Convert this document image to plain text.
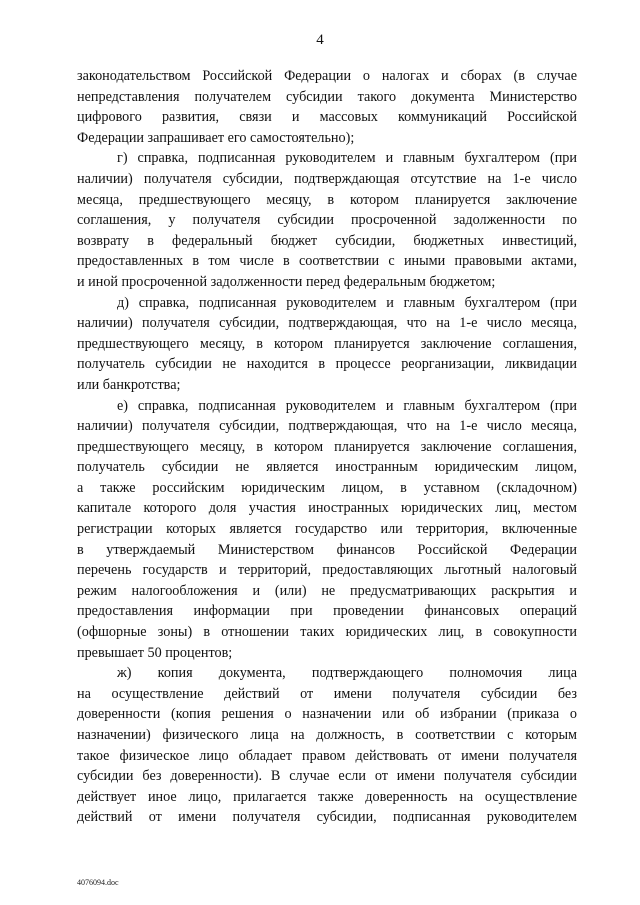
4
законодательством Российской Федерации о налогах и сборах (в случае
непредставления получателем субсидии такого документа Министерство
цифрового развития, связи и массовых коммуникаций Российской
Федерации запрашивает его самостоятельно);
г) справка, подписанная руководителем и главным бухгалтером (при
наличии) получателя субсидии, подтверждающая отсутствие на 1-е число
месяца, предшествующего месяцу, в котором планируется заключение
соглашения, у получателя субсидии просроченной задолженности по
возврату в федеральный бюджет субсидии, бюджетных инвестиций,
предоставленных в том числе в соответствии с иными правовыми актами,
и иной просроченной задолженности перед федеральным бюджетом;
д) справка, подписанная руководителем и главным бухгалтером (при
наличии) получателя субсидии, подтверждающая, что на 1-е число месяца,
предшествующего месяцу, в котором планируется заключение соглашения,
получатель субсидии не находится в процессе реорганизации, ликвидации
или банкротства;
е) справка, подписанная руководителем и главным бухгалтером (при
наличии) получателя субсидии, подтверждающая, что на 1-е число месяца,
предшествующего месяцу, в котором планируется заключение соглашения,
получатель субсидии не является иностранным юридическим лицом,
а также российским юридическим лицом, в уставном (складочном)
капитале которого доля участия иностранных юридических лиц, местом
регистрации которых является государство или территория, включенные
в утверждаемый Министерством финансов Российской Федерации
перечень государств и территорий, предоставляющих льготный налоговый
режим налогообложения и (или) не предусматривающих раскрытия и
предоставления информации при проведении финансовых операций
(офшорные зоны) в отношении таких юридических лиц, в совокупности
превышает 50 процентов;
ж) копия документа, подтверждающего полномочия лица
на осуществление действий от имени получателя субсидии без
доверенности (копия решения о назначении или об избрании (приказа о
назначении) физического лица на должность, в соответствии с которым
такое физическое лицо обладает правом действовать от имени получателя
субсидии без доверенности). В случае если от имени получателя субсидии
действует иное лицо, прилагается также доверенность на осуществление
действий от имени получателя субсидии, подписанная руководителем
4076094.doc
